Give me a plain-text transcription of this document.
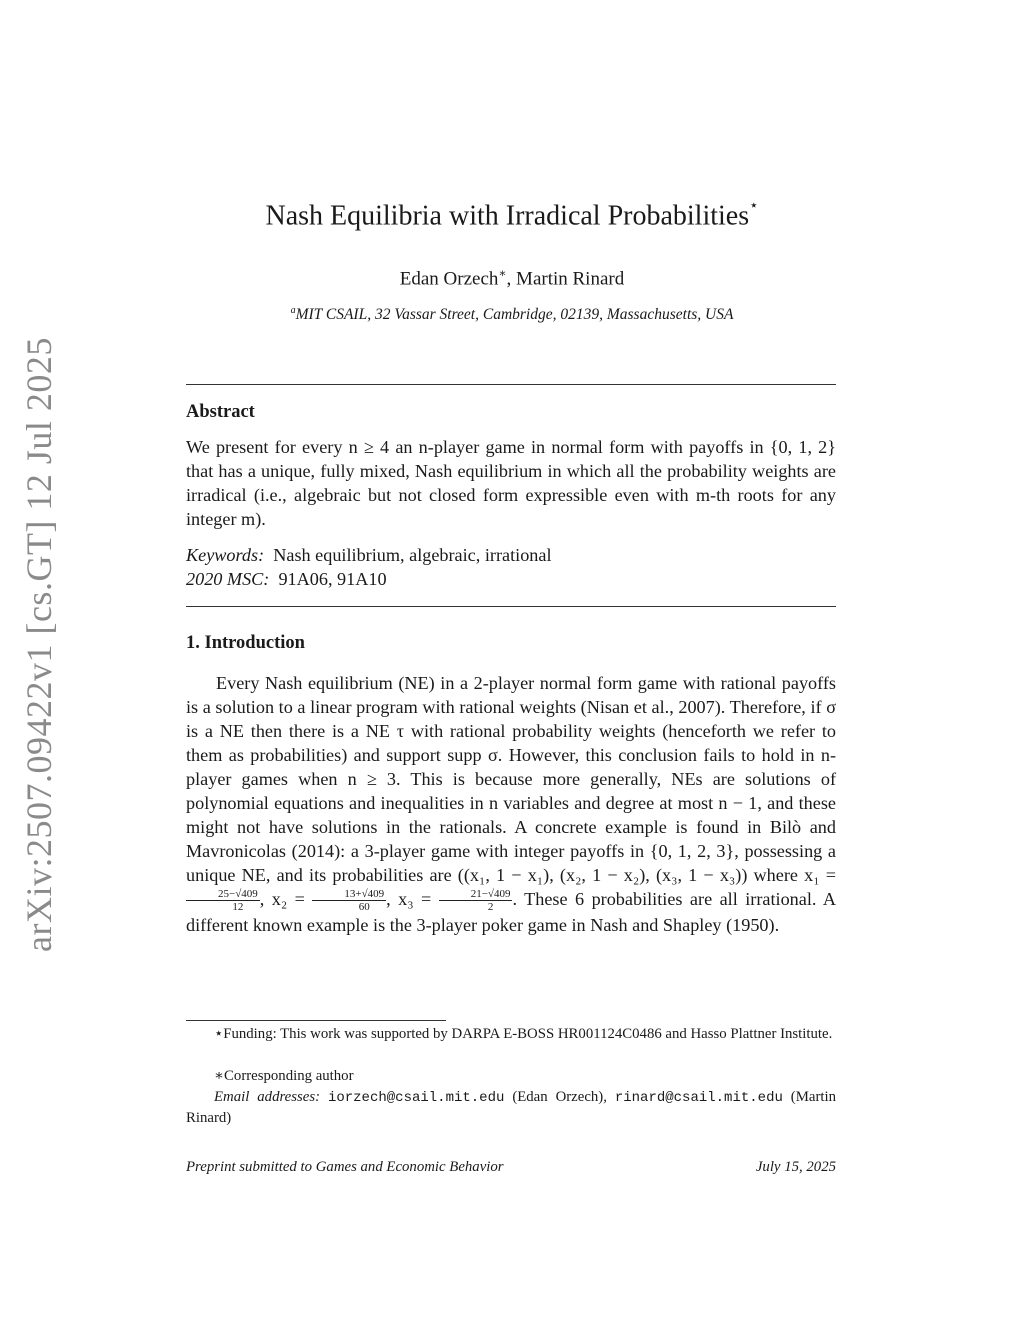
arXiv:2507.09422v1 [cs.GT] 12 Jul 2025
Nash Equilibria with Irradical Probabilities⋆
Edan Orzech∗, Martin Rinard
$^a$MIT CSAIL, 32 Vassar Street, Cambridge, 02139, Massachusetts, USA
Abstract
We present for every n ≥ 4 an n-player game in normal form with payoffs in {0, 1, 2} that has a unique, fully mixed, Nash equilibrium in which all the probability weights are irradical (i.e., algebraic but not closed form expressible even with m-th roots for any integer m).
Keywords: Nash equilibrium, algebraic, irrational
2020 MSC: 91A06, 91A10
1. Introduction
Every Nash equilibrium (NE) in a 2-player normal form game with rational payoffs is a solution to a linear program with rational weights (Nisan et al., 2007). Therefore, if σ is a NE then there is a NE τ with rational probability weights (henceforth we refer to them as probabilities) and support supp σ. However, this conclusion fails to hold in n-player games when n ≥ 3. This is because more generally, NEs are solutions of polynomial equations and inequalities in n variables and degree at most n − 1, and these might not have solutions in the rationals. A concrete example is found in Bilò and Mavronicolas (2014): a 3-player game with integer payoffs in {0, 1, 2, 3}, possessing a unique NE, and its probabilities are ((x₁, 1 − x₁), (x₂, 1 − x₂), (x₃, 1 − x₃)) where x₁ =
$\frac{25-√409}{12}$ , $x_2 = \frac{13+√409}{60}$ , $x_3 = \frac{21-√409}{2}$ . These 6 probabilities are all irrational. A different known example is the 3-player poker game in Nash and Shapley (1950).
⋆Funding: This work was supported by DARPA E-BOSS HR001124C0486 and Hasso Plattner Institute.
∗Corresponding author
Email addresses: iorzech@csail.mit.edu (Edan Orzech), rinard@csail.mit.edu (Martin Rinard)
Preprint submitted to Games and Economic Behavior	July 15, 2025
